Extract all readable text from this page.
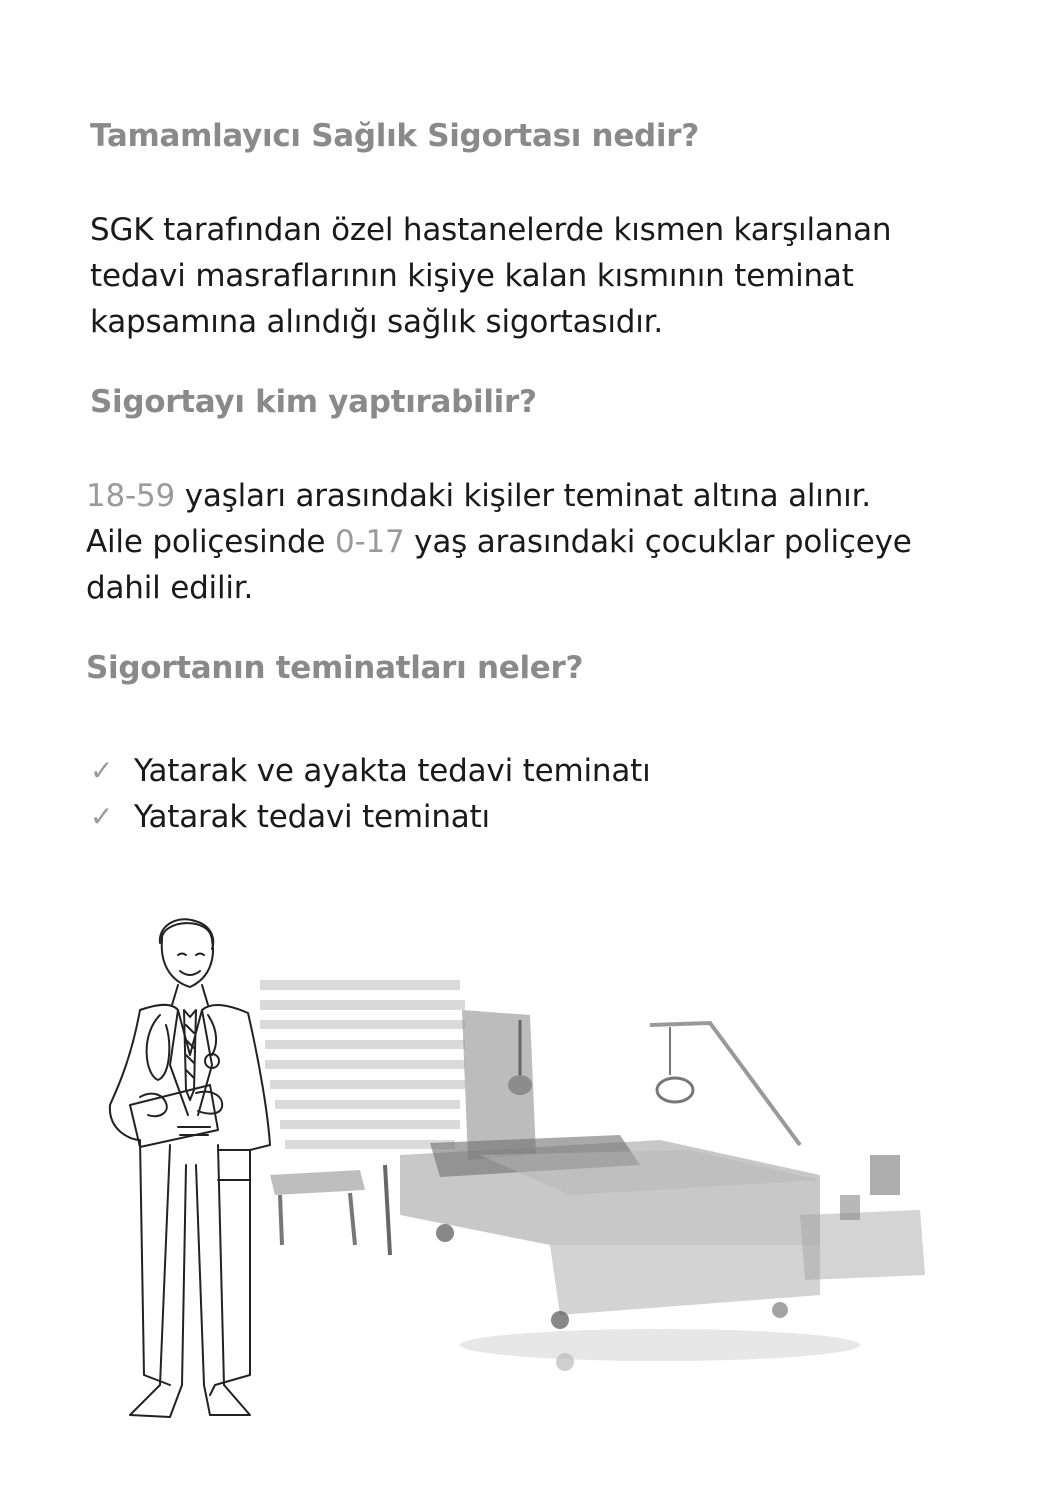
Tamamlayıcı Sağlık Sigortası nedir?

SGK tarafından özel hastanelerde kısmen karşılanan tedavi masraflarının kişiye kalan kısmının teminat kapsamına alındığı sağlık sigortasıdır.

Sigortayı kim yaptırabilir?

18-59 yaşları arasındaki kişiler teminat altına alınır.
Aile poliçesinde 0-17 yaş arasındaki çocuklar poliçeye dahil edilir.

Sigortanın teminatları neler?
✓ Yatarak ve ayakta tedavi teminatı
✓ Yatarak tedavi teminatı
